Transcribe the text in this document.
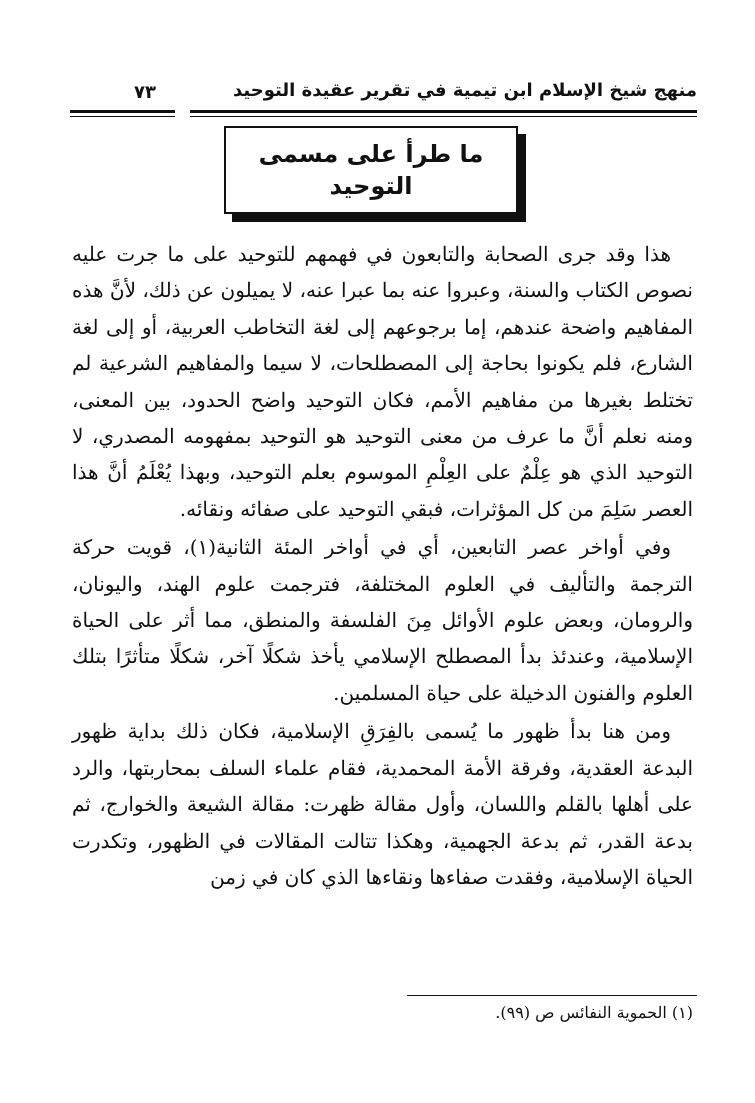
منهج شيخ الإسلام ابن تيمية في تقرير عقيدة التوحيد
٧٣
ما طرأ على مسمى
التوحيد

هذا وقد جرى الصحابة والتابعون في فهمهم للتوحيد على ما جرت عليه نصوص الكتاب والسنة، وعبروا عنه بما عبرا عنه، لا يميلون عن ذلك، لأنَّ هذه المفاهيم واضحة عندهم، إما برجوعهم إلى لغة التخاطب العربية، أو إلى لغة الشارع، فلم يكونوا بحاجة إلى المصطلحات، لا سيما والمفاهيم الشرعية لم تختلط بغيرها من مفاهيم الأمم، فكان التوحيد واضح الحدود، بين المعنى، ومنه نعلم أنَّ ما عرف من معنى التوحيد هو التوحيد بمفهومه المصدري، لا التوحيد الذي هو عِلْمٌ على العِلْمِ الموسوم بعلم التوحيد، وبهذا يُعْلَمُ أنَّ هذا العصر سَلِمَ من كل المؤثرات، فبقي التوحيد على صفائه ونقائه.

وفي أواخر عصر التابعين، أي في أواخر المئة الثانية(١)، قويت حركة الترجمة والتأليف في العلوم المختلفة، فترجمت علوم الهند، واليونان، والرومان، وبعض علوم الأوائل مِنَ الفلسفة والمنطق، مما أثر على الحياة الإسلامية، وعندئذ بدأ المصطلح الإسلامي يأخذ شكلًا آخر، شكلًا متأثرًا بتلك العلوم والفنون الدخيلة على حياة المسلمين.

ومن هنا بدأ ظهور ما يُسمى بالفِرَقِ الإسلامية، فكان ذلك بداية ظهور البدعة العقدية، وفرقة الأمة المحمدية، فقام علماء السلف بمحاربتها، والرد على أهلها بالقلم واللسان، وأول مقالة ظهرت: مقالة الشيعة والخوارج، ثم بدعة القدر، ثم بدعة الجهمية، وهكذا تتالت المقالات في الظهور، وتكدرت الحياة الإسلامية، وفقدت صفاءها ونقاءها الذي كان في زمن

(١) الحموية النفائس ص (٩٩).
